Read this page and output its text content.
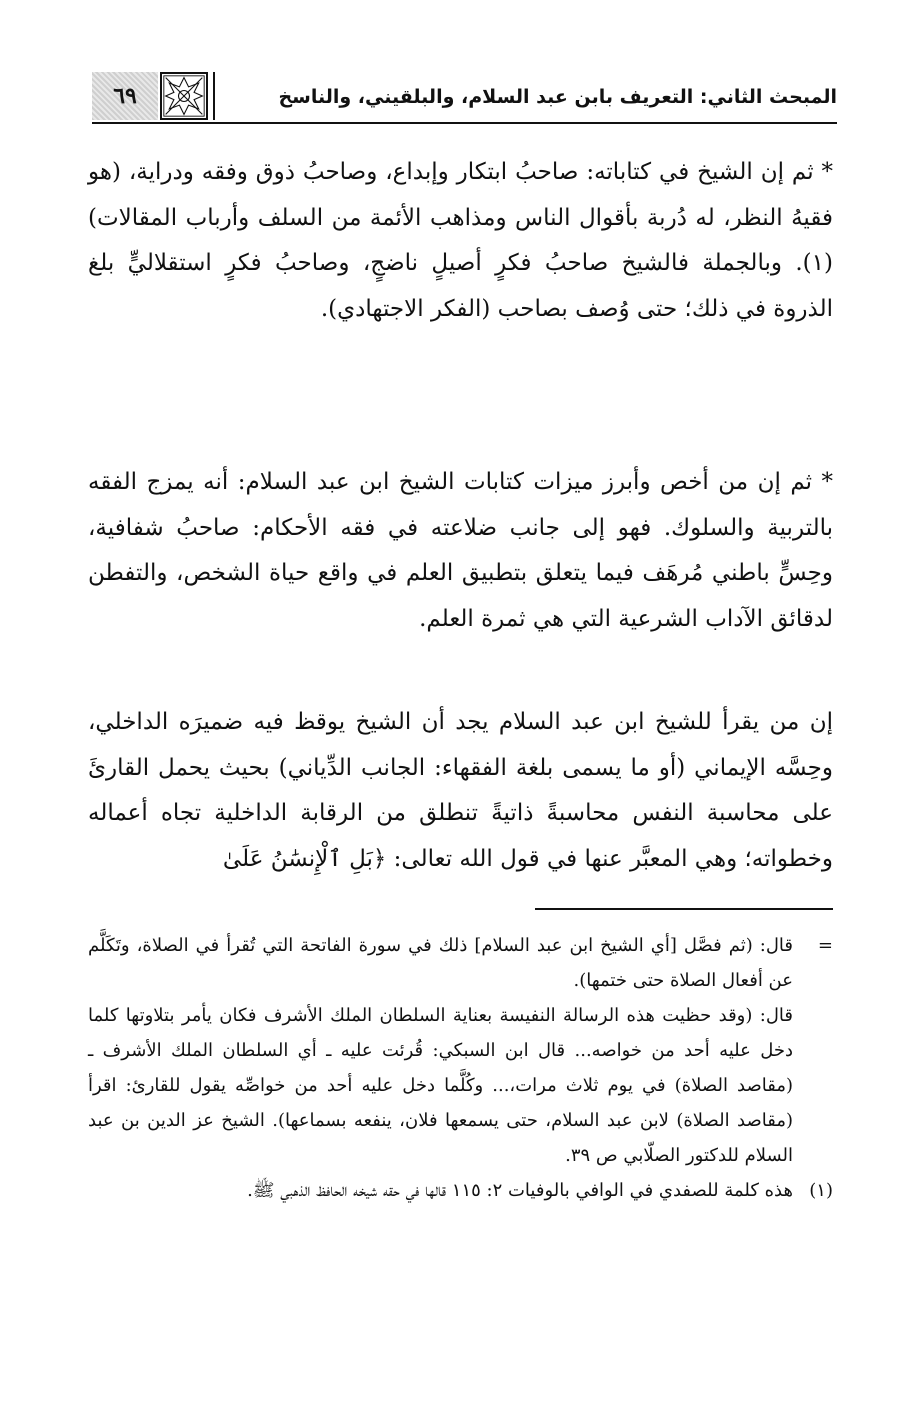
٦٩	المبحث الثاني: التعريف بابن عبد السلام، والبلقيني، والناسخ

* ثم إن الشيخ في كتاباته: صاحبُ ابتكار وإبداع، وصاحبُ ذوق وفقه ودراية، (هو فقيهُ النظر، له دُربة بأقوال الناس ومذاهب الأئمة من السلف وأرباب المقالات)(١). وبالجملة فالشيخ صاحبُ فكرٍ أصيلٍ ناضجٍ، وصاحبُ فكرٍ استقلاليٍّ بلغ الذروة في ذلك؛ حتى وُصف بصاحب (الفكر الاجتهادي).

* ثم إن من أخص وأبرز ميزات كتابات الشيخ ابن عبد السلام: أنه يمزج الفقه بالتربية والسلوك. فهو إلى جانب ضلاعته في فقه الأحكام: صاحبُ شفافية، وحِسٍّ باطني مُرهَف فيما يتعلق بتطبيق العلم في واقع حياة الشخص، والتفطن لدقائق الآداب الشرعية التي هي ثمرة العلم.

إن من يقرأ للشيخ ابن عبد السلام يجد أن الشيخ يوقظ فيه ضميرَه الداخلي، وحِسَّه الإيماني (أو ما يسمى بلغة الفقهاء: الجانب الدِّياني) بحيث يحمل القارئَ على محاسبة النفس محاسبةً ذاتيةً تنطلق من الرقابة الداخلية تجاه أعماله وخطواته؛ وهي المعبَّر عنها في قول الله تعالى: ﴿بَلِ ٱلْإِنسَٰنُ عَلَىٰ

=

قال: (ثم فصَّل [أي الشيخ ابن عبد السلام] ذلك في سورة الفاتحة التي تُقرأ في الصلاة، وتَكَلَّم عن أفعال الصلاة حتى ختمها).

قال: (وقد حظيت هذه الرسالة النفيسة بعناية السلطان الملك الأشرف فكان يأمر بتلاوتها كلما دخل عليه أحد من خواصه... قال ابن السبكي: قُرئت عليه ـ أي السلطان الملك الأشرف ـ (مقاصد الصلاة) في يوم ثلاث مرات،... وكُلَّما دخل عليه أحد من خواصِّه يقول للقارئ: اقرأ (مقاصد الصلاة) لابن عبد السلام، حتى يسمعها فلان، ينفعه بسماعها). الشيخ عز الدين بن عبد السلام للدكتور الصلّابي ص ٣٩.

(١)

هذه كلمة للصفدي في الوافي بالوفيات ٢: ١١٥ قالها في حقه شيخه الحافظ الذهبي ﷺ.
